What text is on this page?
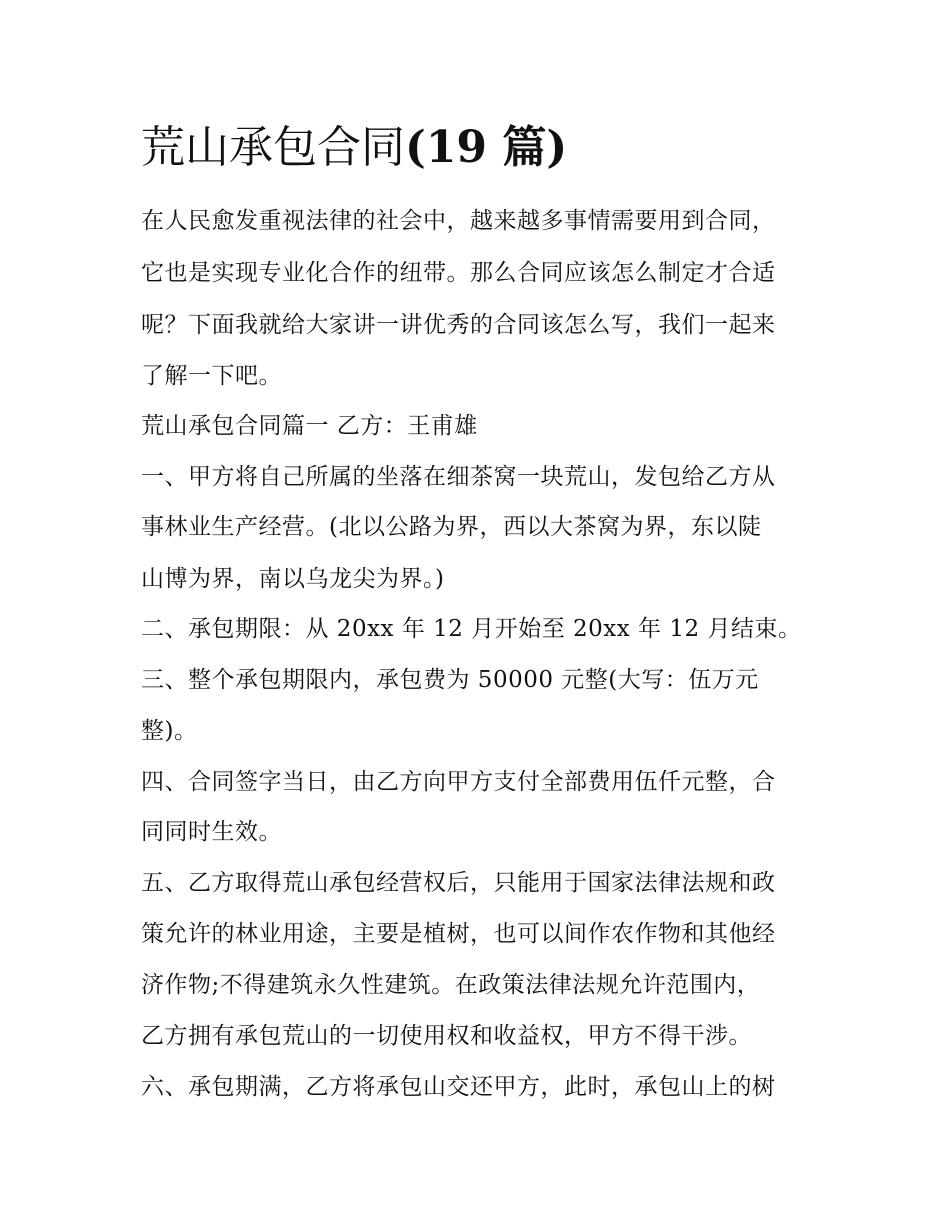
荒山承包合同(19 篇)

在人民愈发重视法律的社会中，越来越多事情需要用到合同，

它也是实现专业化合作的纽带。那么合同应该怎么制定才合适

呢？下面我就给大家讲一讲优秀的合同该怎么写，我们一起来

了解一下吧。

荒山承包合同篇一 乙方：王甫雄

一、甲方将自己所属的坐落在细茶窝一块荒山，发包给乙方从

事林业生产经营。(北以公路为界，西以大茶窝为界，东以陡

山博为界，南以乌龙尖为界。)

二、承包期限：从 20xx 年 12 月开始至 20xx 年 12 月结束。

三、整个承包期限内，承包费为 50000 元整(大写：伍万元

整)。

四、合同签字当日，由乙方向甲方支付全部费用伍仟元整，合

同同时生效。

五、乙方取得荒山承包经营权后，只能用于国家法律法规和政

策允许的林业用途，主要是植树，也可以间作农作物和其他经

济作物;不得建筑永久性建筑。在政策法律法规允许范围内，

乙方拥有承包荒山的一切使用权和收益权，甲方不得干涉。

六、承包期满，乙方将承包山交还甲方，此时，承包山上的树
